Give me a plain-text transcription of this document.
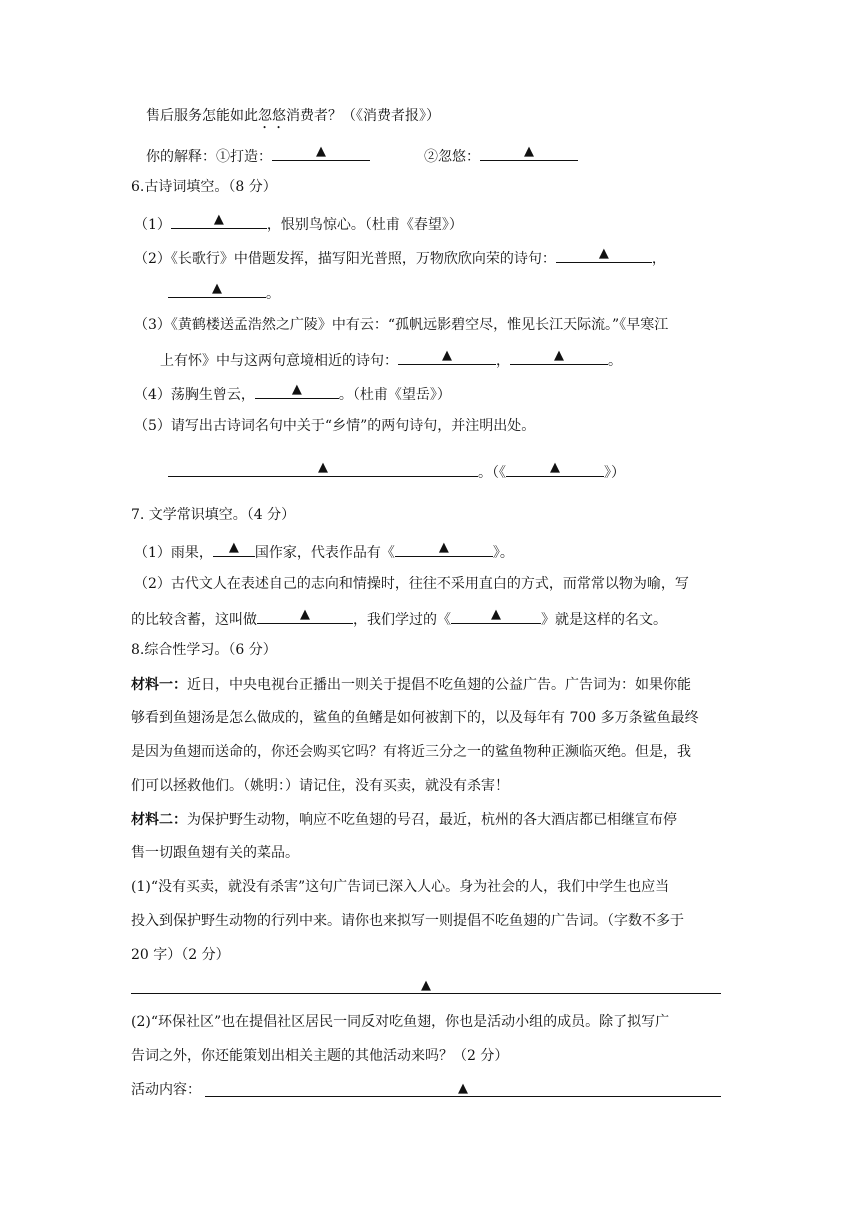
售后服务怎能如此忽悠消费者？（《消费者报》）
你的解释：①打造：	▲	②忽悠：	▲
6.古诗词填空。（8 分）
（1）	▲	，恨别鸟惊心。（杜甫《春望》）
（2）《长歌行》中借题发挥，描写阳光普照，万物欣欣向荣的诗句：	▲	，
▲	。
（3）《黄鹤楼送孟浩然之广陵》中有云：“孤帆远影碧空尽，惟见长江天际流。”《早寒江
上有怀》中与这两句意境相近的诗句：	▲	，	▲	。
（4）荡胸生曾云，	▲	。（杜甫《望岳》）
（5）请写出古诗词名句中关于“乡情”的两句诗句，并注明出处。
▲	。（《	▲	》）
7. 文学常识填空。（4 分）
（1）雨果， ▲ 国作家，代表作品有《	▲	》。
（2）古代文人在表述自己的志向和情操时，往往不采用直白的方式，而常常以物为喻，写
的比较含蓄，这叫做	▲	，我们学过的《	▲	》就是这样的名文。
8.综合性学习。（6 分）
材料一：近日，中央电视台正播出一则关于提倡不吃鱼翅的公益广告。广告词为：如果你能
够看到鱼翅汤是怎么做成的，鲨鱼的鱼鳍是如何被割下的，以及每年有 700 多万条鲨鱼最终
是因为鱼翅而送命的，你还会购买它吗？有将近三分之一的鲨鱼物种正濒临灭绝。但是，我
们可以拯救他们。（姚明：）请记住，没有买卖，就没有杀害！
材料二：为保护野生动物，响应不吃鱼翅的号召，最近，杭州的各大酒店都已相继宣布停
售一切跟鱼翅有关的菜品。
(1)“没有买卖，就没有杀害”这句广告词已深入人心。身为社会的人，我们中学生也应当
投入到保护野生动物的行列中来。请你也来拟写一则提倡不吃鱼翅的广告词。（字数不多于
20 字）（2 分）
▲
(2)“环保社区”也在提倡社区居民一同反对吃鱼翅，你也是活动小组的成员。除了拟写广
告词之外，你还能策划出相关主题的其他活动来吗？（2 分）
活动内容：	▲
